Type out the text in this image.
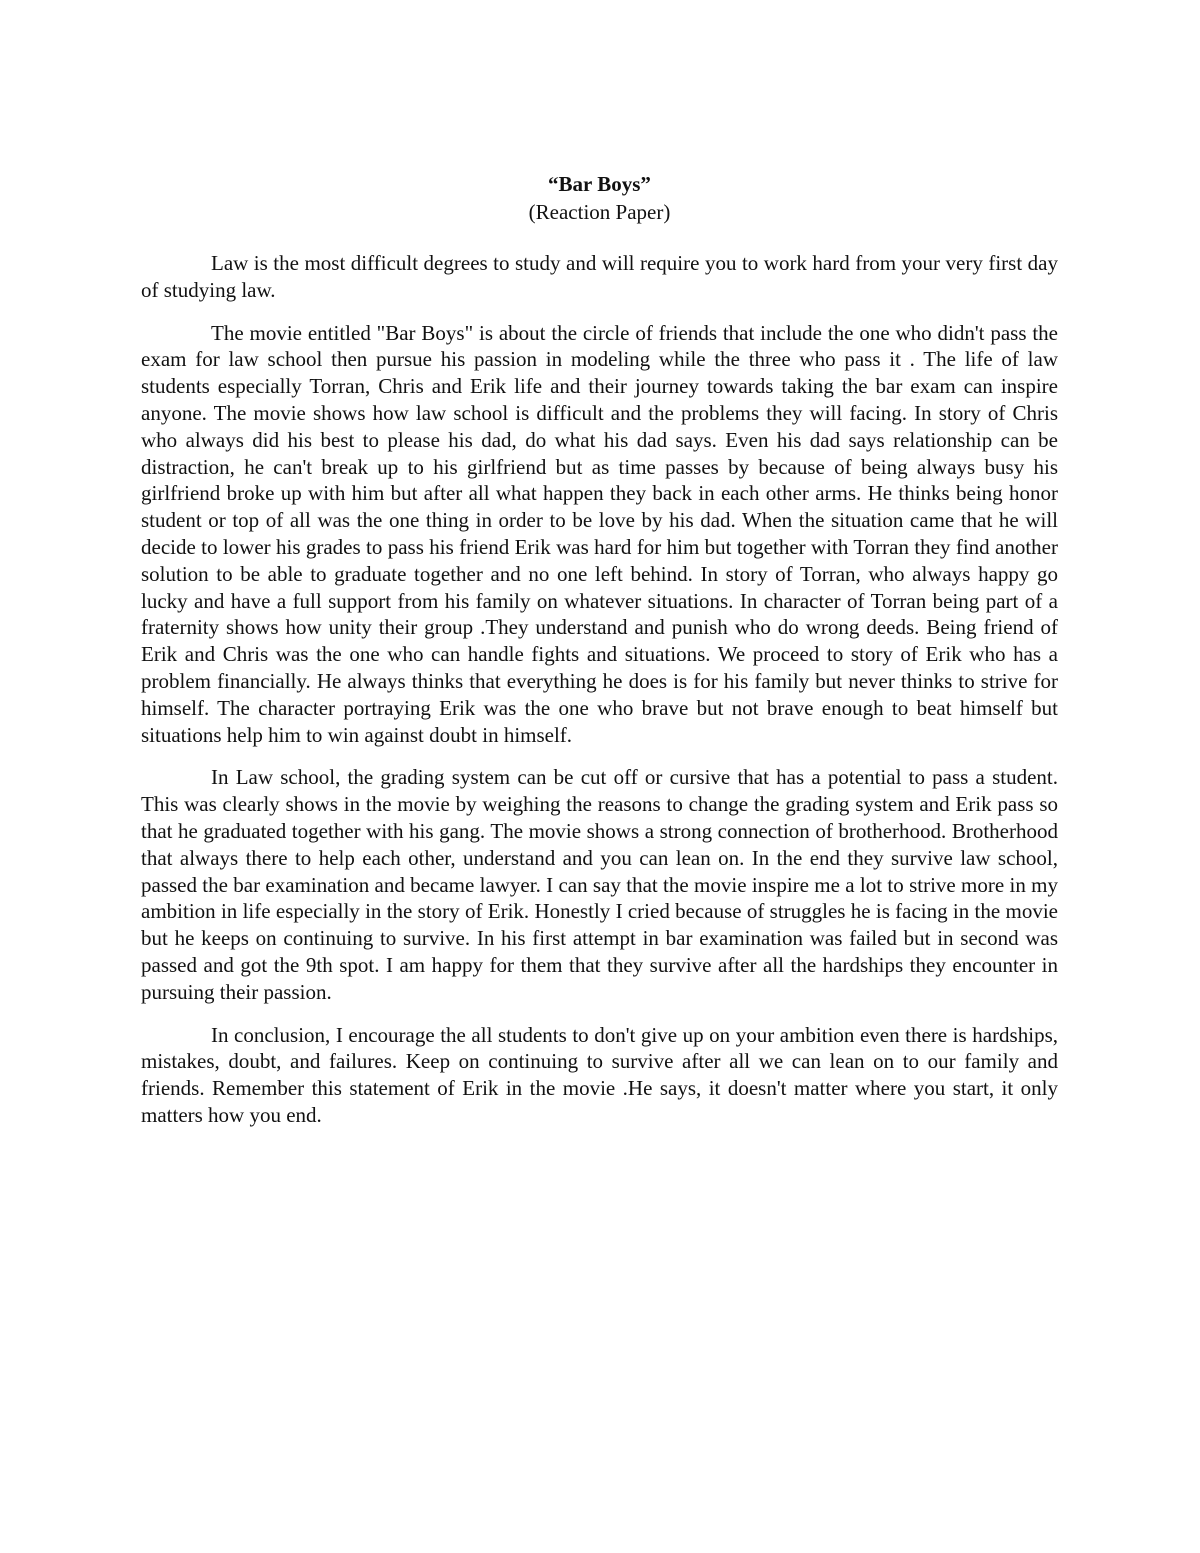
“Bar Boys”

(Reaction Paper)

Law is the most difficult degrees to study and will require you to work hard from your very first day of studying law.

The movie entitled "Bar Boys" is about the circle of friends that include the one who didn't pass the exam for law school then pursue his passion in modeling while the three who pass it . The life of law students especially Torran, Chris and Erik life and their journey towards taking the bar exam can inspire anyone. The movie shows how law school is difficult and the problems they will facing. In story of Chris who always did his best to please his dad, do what his dad says. Even his dad says relationship can be distraction, he can't break up to his girlfriend but as time passes by because of being always busy his girlfriend broke up with him but after all what happen they back in each other arms. He thinks being honor student or top of all was the one thing in order to be love by his dad. When the situation came that he will decide to lower his grades to pass his friend Erik was hard for him but together with Torran they find another solution to be able to graduate together and no one left behind. In story of Torran, who always happy go lucky and have a full support from his family on whatever situations. In character of Torran being part of a fraternity shows how unity their group .They understand and punish who do wrong deeds. Being friend of Erik and Chris was the one who can handle fights and situations. We proceed to story of Erik who has a problem financially. He always thinks that everything he does is for his family but never thinks to strive for himself. The character portraying Erik was the one who brave but not brave enough to beat himself but situations help him to win against doubt in himself.

In Law school, the grading system can be cut off or cursive that has a potential to pass a student. This was clearly shows in the movie by weighing the reasons to change the grading system and Erik pass so that he graduated together with his gang. The movie shows a strong connection of brotherhood. Brotherhood that always there to help each other, understand and you can lean on. In the end they survive law school, passed the bar examination and became lawyer. I can say that the movie inspire me a lot to strive more in my ambition in life especially in the story of Erik. Honestly I cried because of struggles he is facing in the movie but he keeps on continuing to survive. In his first attempt in bar examination was failed but in second was passed and got the 9th spot. I am happy for them that they survive after all the hardships they encounter in pursuing their passion.

In conclusion, I encourage the all students to don't give up on your ambition even there is hardships, mistakes, doubt, and failures. Keep on continuing to survive after all we can lean on to our family and friends. Remember this statement of Erik in the movie .He says, it doesn't matter where you start, it only matters how you end.
